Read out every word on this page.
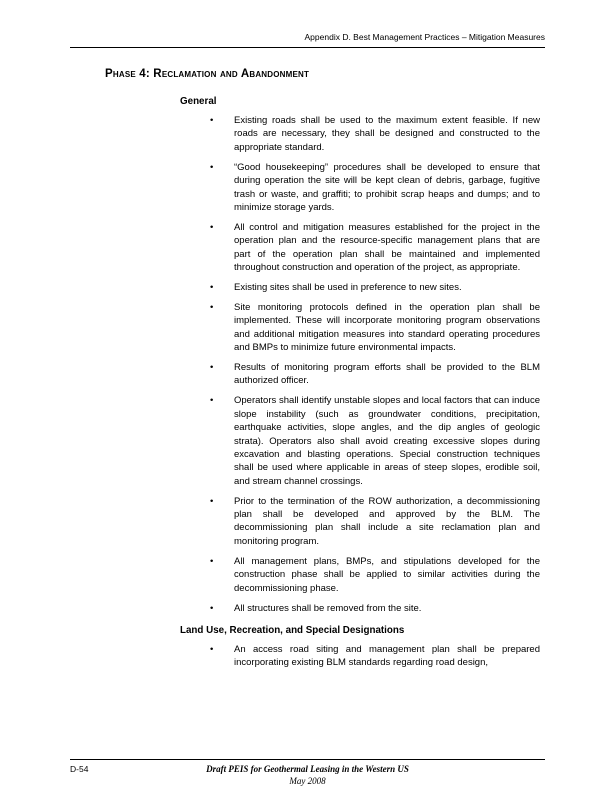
Appendix D. Best Management Practices – Mitigation Measures
Phase 4: Reclamation and Abandonment
General
•	Existing roads shall be used to the maximum extent feasible. If new roads are necessary, they shall be designed and constructed to the appropriate standard.
•	“Good housekeeping” procedures shall be developed to ensure that during operation the site will be kept clean of debris, garbage, fugitive trash or waste, and graffiti; to prohibit scrap heaps and dumps; and to minimize storage yards.
•	All control and mitigation measures established for the project in the operation plan and the resource-specific management plans that are part of the operation plan shall be maintained and implemented throughout construction and operation of the project, as appropriate.
•	Existing sites shall be used in preference to new sites.
•	Site monitoring protocols defined in the operation plan shall be implemented. These will incorporate monitoring program observations and additional mitigation measures into standard operating procedures and BMPs to minimize future environmental impacts.
•	Results of monitoring program efforts shall be provided to the BLM authorized officer.
•	Operators shall identify unstable slopes and local factors that can induce slope instability (such as groundwater conditions, precipitation, earthquake activities, slope angles, and the dip angles of geologic strata). Operators also shall avoid creating excessive slopes during excavation and blasting operations. Special construction techniques shall be used where applicable in areas of steep slopes, erodible soil, and stream channel crossings.
•	Prior to the termination of the ROW authorization, a decommissioning plan shall be developed and approved by the BLM. The decommissioning plan shall include a site reclamation plan and monitoring program.
•	All management plans, BMPs, and stipulations developed for the construction phase shall be applied to similar activities during the decommissioning phase.
•	All structures shall be removed from the site.
Land Use, Recreation, and Special Designations
•	An access road siting and management plan shall be prepared incorporating existing BLM standards regarding road design,
D-54	Draft PEIS for Geothermal Leasing in the Western US
May 2008
